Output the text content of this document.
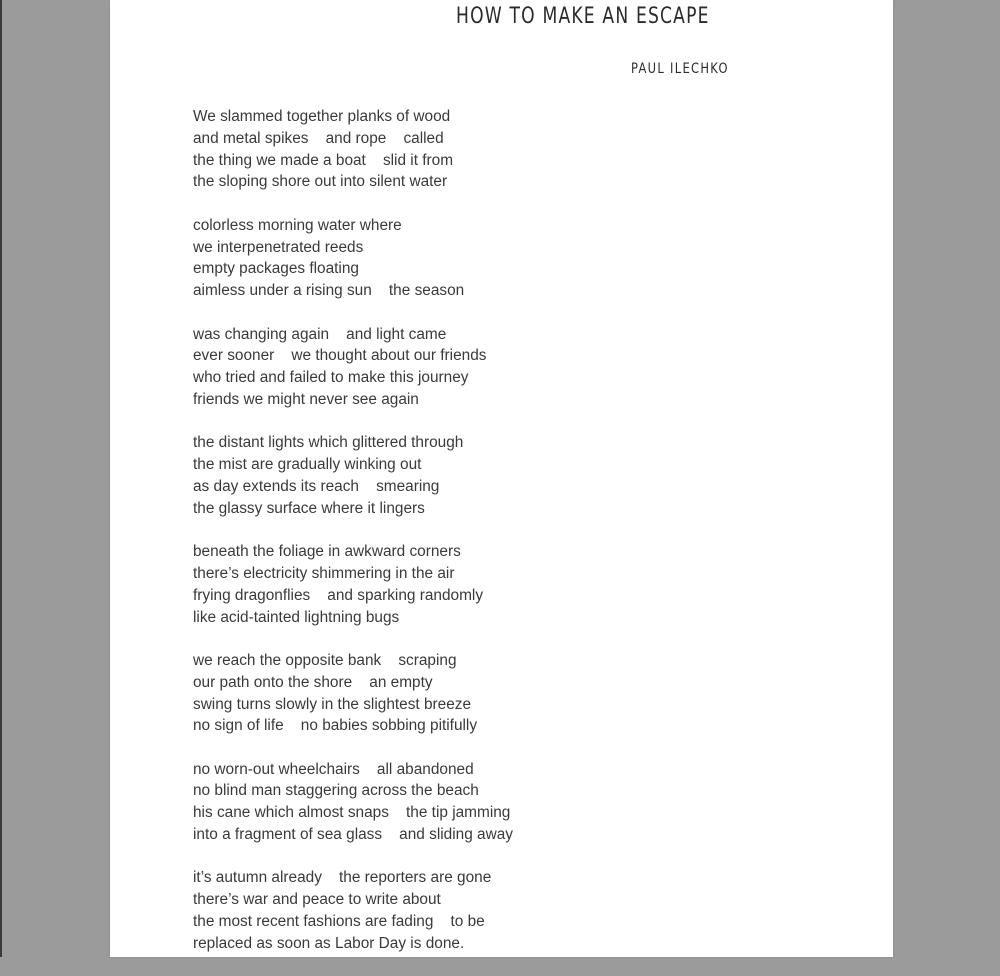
PAUL ILECHKO
We slammed together planks of wood
and metal spikes    and rope    called
the thing we made a boat    slid it from
the sloping shore out into silent water
colorless morning water where
we interpenetrated reeds
empty packages floating
aimless under a rising sun    the season
was changing again    and light came
ever sooner    we thought about our friends
who tried and failed to make this journey
friends we might never see again
the distant lights which glittered through
the mist are gradually winking out
as day extends its reach    smearing
the glassy surface where it lingers
beneath the foliage in awkward corners
there’s electricity shimmering in the air
frying dragonflies    and sparking randomly
like acid-tainted lightning bugs
we reach the opposite bank    scraping
our path onto the shore    an empty
swing turns slowly in the slightest breeze
no sign of life    no babies sobbing pitifully
no worn-out wheelchairs    all abandoned
no blind man staggering across the beach
his cane which almost snaps    the tip jamming
into a fragment of sea glass    and sliding away
it’s autumn already    the reporters are gone
there’s war and peace to write about
the most recent fashions are fading    to be
replaced as soon as Labor Day is done.
HOW TO MAKE AN ESCAPE
